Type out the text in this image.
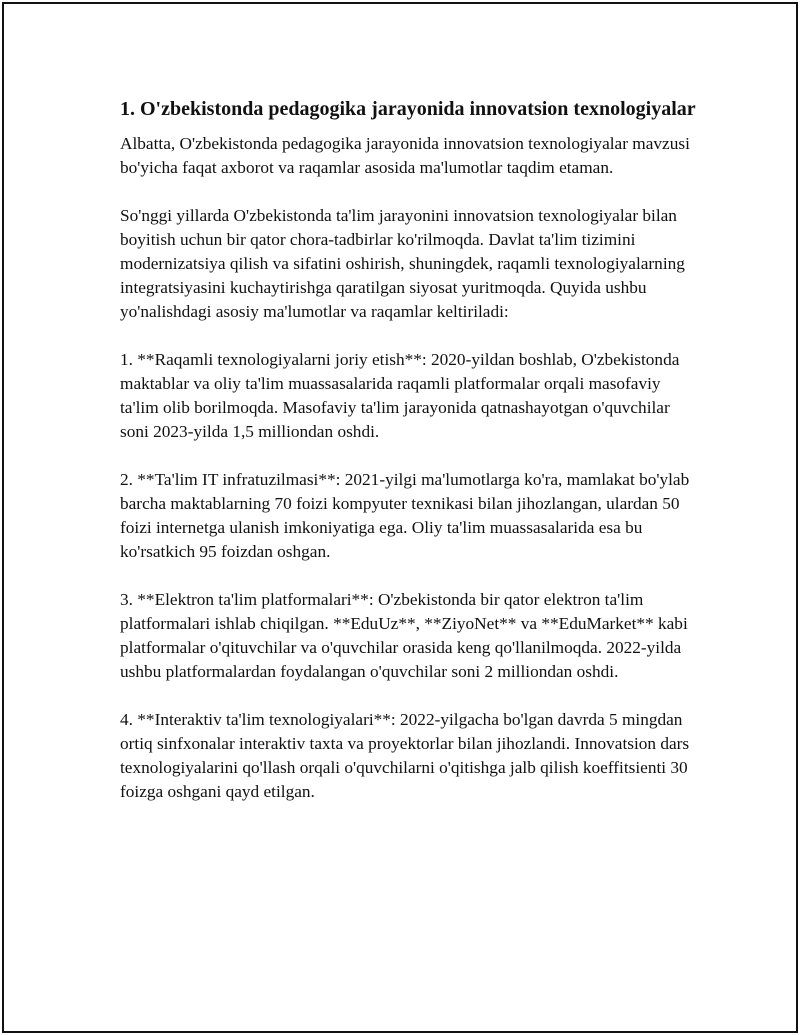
1. O'zbekistonda pedagogika jarayonida innovatsion texnologiyalar

Albatta, O'zbekistonda pedagogika jarayonida innovatsion texnologiyalar mavzusi bo'yicha faqat axborot va raqamlar asosida ma'lumotlar taqdim etaman.

So'nggi yillarda O'zbekistonda ta'lim jarayonini innovatsion texnologiyalar bilan boyitish uchun bir qator chora-tadbirlar ko'rilmoqda. Davlat ta'lim tizimini modernizatsiya qilish va sifatini oshirish, shuningdek, raqamli texnologiyalarning integratsiyasini kuchaytirishga qaratilgan siyosat yuritmoqda. Quyida ushbu yo'nalishdagi asosiy ma'lumotlar va raqamlar keltiriladi:

1. **Raqamli texnologiyalarni joriy etish**: 2020-yildan boshlab, O'zbekistonda maktablar va oliy ta'lim muassasalarida raqamli platformalar orqali masofaviy ta'lim olib borilmoqda. Masofaviy ta'lim jarayonida qatnashayotgan o'quvchilar soni 2023-yilda 1,5 milliondan oshdi.

2. **Ta'lim IT infratuzilmasi**: 2021-yilgi ma'lumotlarga ko'ra, mamlakat bo'ylab barcha maktablarning 70 foizi kompyuter texnikasi bilan jihozlangan, ulardan 50 foizi internetga ulanish imkoniyatiga ega. Oliy ta'lim muassasalarida esa bu ko'rsatkich 95 foizdan oshgan.

3. **Elektron ta'lim platformalari**: O'zbekistonda bir qator elektron ta'lim platformalari ishlab chiqilgan. **EduUz**, **ZiyoNet** va **EduMarket** kabi platformalar o'qituvchilar va o'quvchilar orasida keng qo'llanilmoqda. 2022-yilda ushbu platformalardan foydalangan o'quvchilar soni 2 milliondan oshdi.

4. **Interaktiv ta'lim texnologiyalari**: 2022-yilgacha bo'lgan davrda 5 mingdan ortiq sinfxonalar interaktiv taxta va proyektorlar bilan jihozlandi. Innovatsion dars texnologiyalarini qo'llash orqali o'quvchilarni o'qitishga jalb qilish koeffitsienti 30 foizga oshgani qayd etilgan.
